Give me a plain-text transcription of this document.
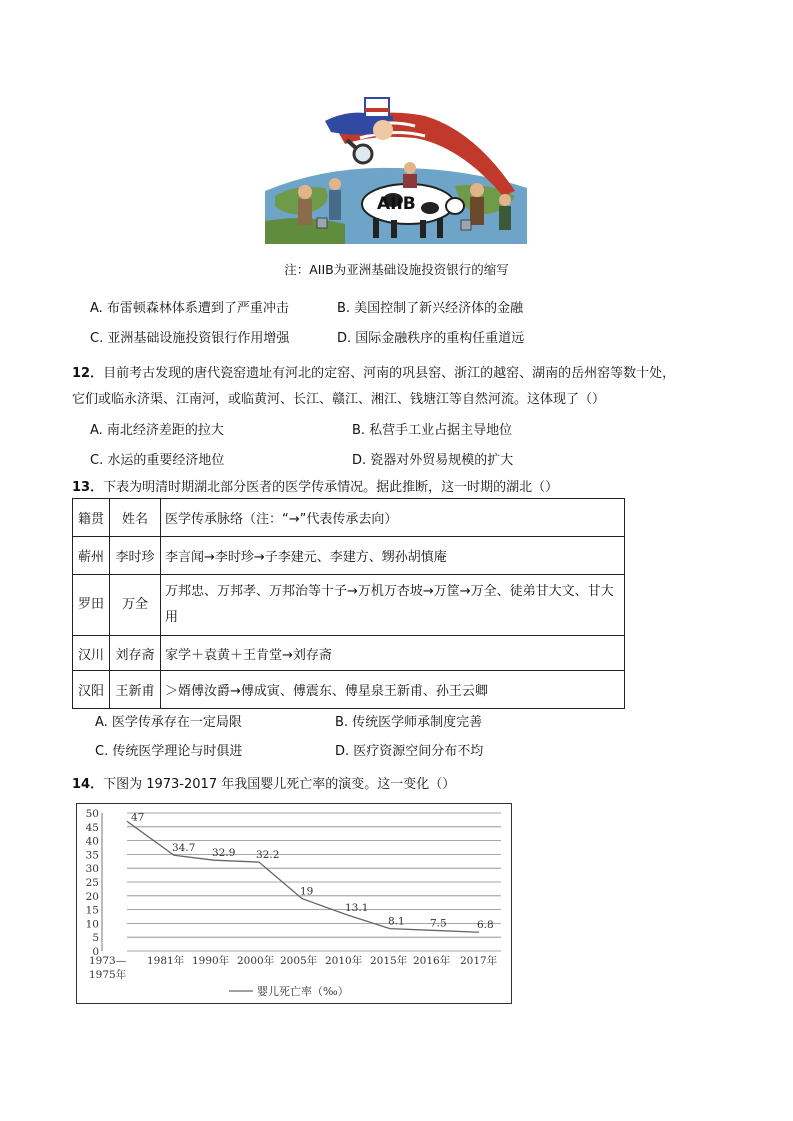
AIIB
注：AIIB为亚洲基础设施投资银行的缩写
A. 布雷顿森林体系遭到了严重冲击	B. 美国控制了新兴经济体的金融
C. 亚洲基础设施投资银行作用增强	D. 国际金融秩序的重构任重道远
12．目前考古发现的唐代瓷窑遗址有河北的定窑、河南的巩县窑、浙江的越窑、湖南的岳州窑等数十处，
它们或临永济渠、江南河，或临黄河、长江、赣江、湘江、钱塘江等自然河流。这体现了（）
A. 南北经济差距的拉大	B. 私营手工业占据主导地位
C. 水运的重要经济地位	D. 瓷器对外贸易规模的扩大
13．下表为明清时期湖北部分医者的医学传承情况。据此推断，这一时期的湖北（）
籍贯	姓名	医学传承脉络（注：“→”代表传承去向）
蕲州	李时珍	李言闻→李时珍→子李建元、李建方、甥孙胡慎庵
罗田	万全	万邦忠、万邦孝、万邦治等十子→万机万杏坡→万筐→万全、徒弟甘大文、甘大用
汉川	刘存斋	家学＋袁黄＋王肯堂→刘存斋
汉阳	王新甫	＞婿傅汝爵→傅成寅、傅震东、傅星泉王新甫、孙王云卿
A. 医学传承存在一定局限	B. 传统医学师承制度完善
C. 传统医学理论与时俱进	D. 医疗资源空间分布不均
14．下图为 1973-2017 年我国婴儿死亡率的演变。这一变化（）
0
5
10
15
20
25
30
35
40
45
50
1973—
1975年
1981年 1990年 2000年 2005年 2010年 2015年 2016年 2017年
47
34.7 32.9 32.2
19
13.1
8.1 7.5	6.8
婴儿死亡率（‰）
